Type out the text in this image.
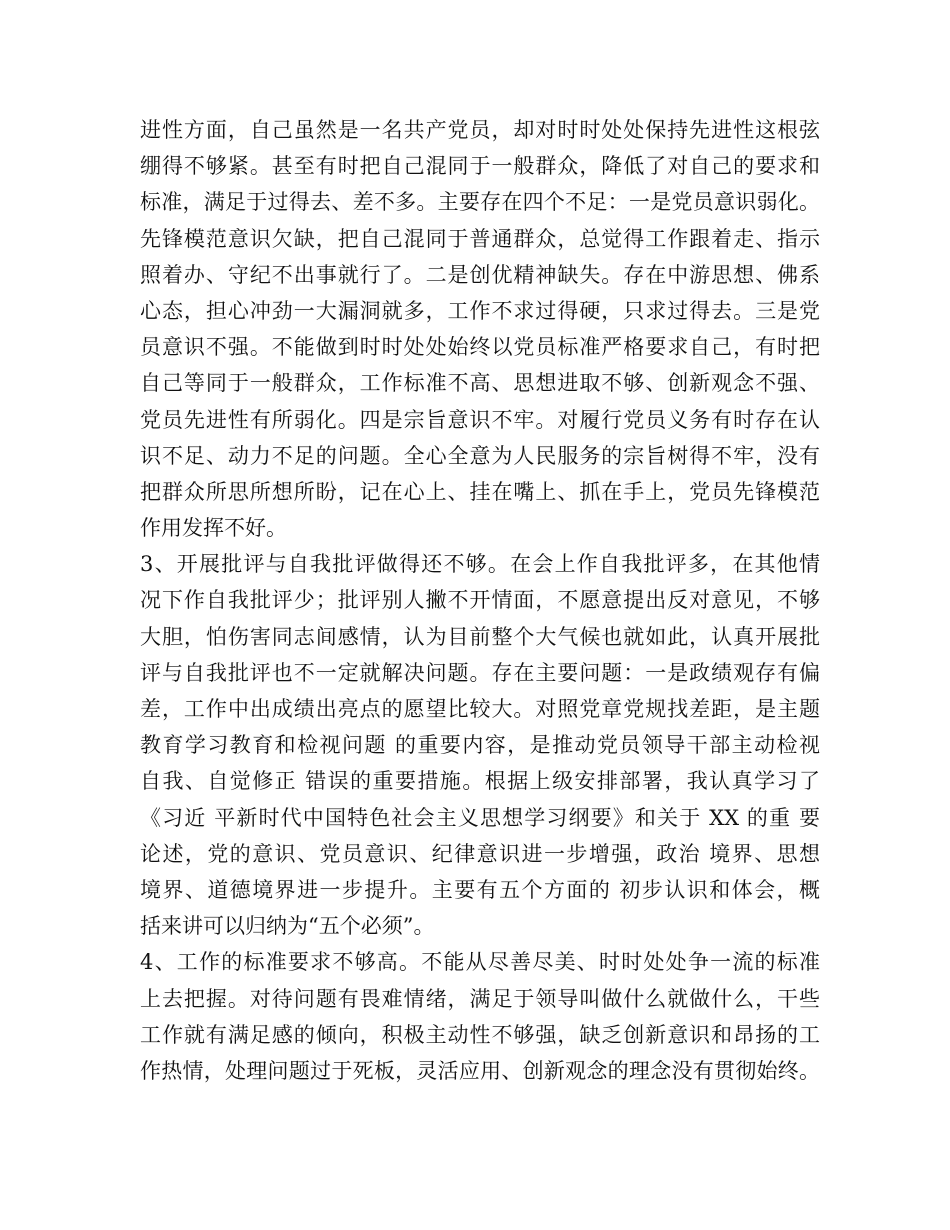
进性方面，自己虽然是一名共产党员，却对时时处处保持先进性这根弦
绷得不够紧。甚至有时把自己混同于一般群众，降低了对自己的要求和
标准，满足于过得去、差不多。主要存在四个不足：一是党员意识弱化。
先锋模范意识欠缺，把自己混同于普通群众，总觉得工作跟着走、指示
照着办、守纪不出事就行了。二是创优精神缺失。存在中游思想、佛系
心态，担心冲劲一大漏洞就多，工作不求过得硬，只求过得去。三是党
员意识不强。不能做到时时处处始终以党员标准严格要求自己，有时把
自己等同于一般群众，工作标准不高、思想进取不够、创新观念不强、
党员先进性有所弱化。四是宗旨意识不牢。对履行党员义务有时存在认
识不足、动力不足的问题。全心全意为人民服务的宗旨树得不牢，没有
把群众所思所想所盼，记在心上、挂在嘴上、抓在手上，党员先锋模范
作用发挥不好。
3、开展批评与自我批评做得还不够。在会上作自我批评多，在其他情
况下作自我批评少；批评别人撇不开情面，不愿意提出反对意见，不够
大胆，怕伤害同志间感情，认为目前整个大气候也就如此，认真开展批
评与自我批评也不一定就解决问题。存在主要问题：一是政绩观存有偏
差，工作中出成绩出亮点的愿望比较大。对照党章党规找差距，是主题
教育学习教育和检视问题 的重要内容，是推动党员领导干部主动检视
自我、自觉修正 错误的重要措施。根据上级安排部署，我认真学习了
《习近 平新时代中国特色社会主义思想学习纲要》和关于 XX 的重 要
论述，党的意识、党员意识、纪律意识进一步增强，政治 境界、思想
境界、道德境界进一步提升。主要有五个方面的 初步认识和体会，概
括来讲可以归纳为“五个必须”。
4、工作的标准要求不够高。不能从尽善尽美、时时处处争一流的标准
上去把握。对待问题有畏难情绪，满足于领导叫做什么就做什么，干些
工作就有满足感的倾向，积极主动性不够强，缺乏创新意识和昂扬的工
作热情，处理问题过于死板，灵活应用、创新观念的理念没有贯彻始终。
